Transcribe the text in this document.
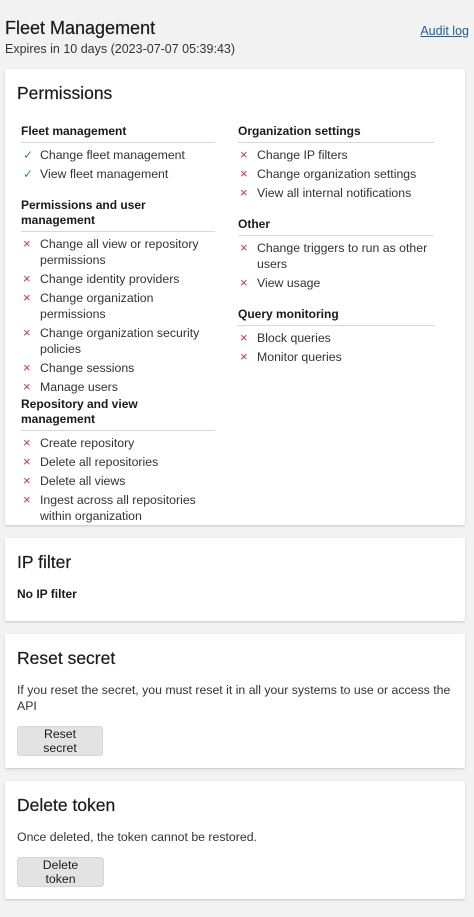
Fleet Management
Expires in 10 days (2023-07-07 05:39:43)
Audit log
Permissions
Fleet management
✓ Change fleet management
✓ View fleet management
Permissions and user management
× Change all view or repository permissions
× Change identity providers
× Change organization permissions
× Change organization security policies
× Change sessions
× Manage users
Repository and view management
× Create repository
× Delete all repositories
× Delete all views
× Ingest across all repositories within organization
Organization settings
× Change IP filters
× Change organization settings
× View all internal notifications
Other
× Change triggers to run as other users
× View usage
Query monitoring
× Block queries
× Monitor queries
IP filter
No IP filter
Reset secret
If you reset the secret, you must reset it in all your systems to use or access the API
Reset secret
Delete token
Once deleted, the token cannot be restored.
Delete token
